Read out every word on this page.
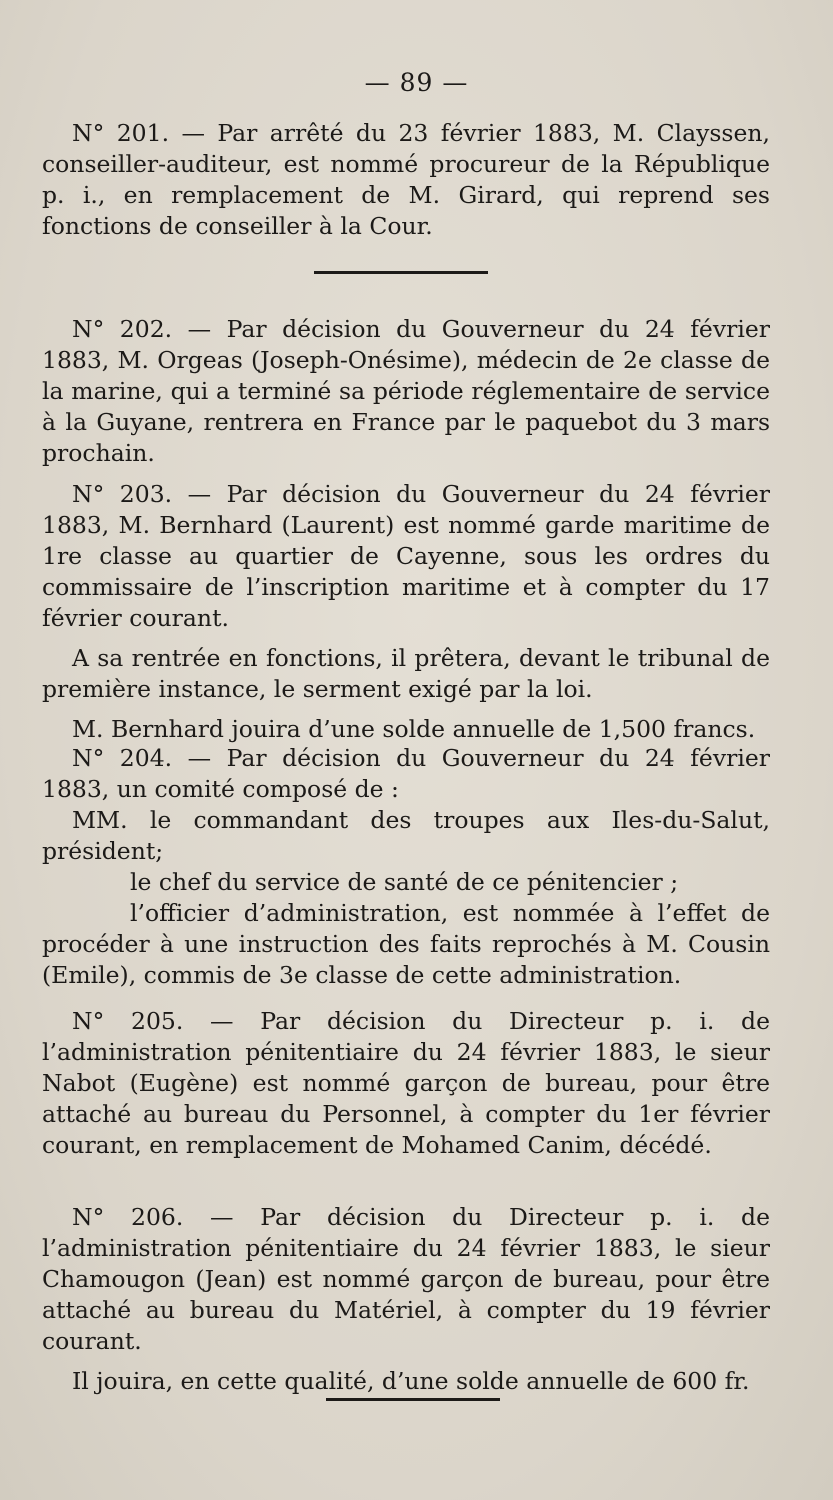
— 89 —

N° 201. — Par arrêté du 23 février 1883, M. Clayssen, conseiller-auditeur, est nommé procureur de la République p. i., en remplacement de M. Girard, qui reprend ses fonctions de conseiller à la Cour.

N° 202. — Par décision du Gouverneur du 24 février 1883, M. Orgeas (Joseph-Onésime), médecin de 2e classe de la marine, qui a terminé sa période réglementaire de service à la Guyane, rentrera en France par le paquebot du 3 mars prochain.

N° 203. — Par décision du Gouverneur du 24 février 1883, M. Bernhard (Laurent) est nommé garde maritime de 1re classe au quartier de Cayenne, sous les ordres du commissaire de l’inscription maritime et à compter du 17 février courant.

A sa rentrée en fonctions, il prêtera, devant le tribunal de première instance, le serment exigé par la loi.

M. Bernhard jouira d’une solde annuelle de 1,500 francs.

N° 204. — Par décision du Gouverneur du 24 février 1883, un comité composé de :

MM. le commandant des troupes aux Iles-du-Salut, président;

le chef du service de santé de ce pénitencier ;

l’officier d’administration, est nommée à l’effet de procéder à une instruction des faits reprochés à M. Cousin (Emile), commis de 3e classe de cette administration.

N° 205. — Par décision du Directeur p. i. de l’administration pénitentiaire du 24 février 1883, le sieur Nabot (Eugène) est nommé garçon de bureau, pour être attaché au bureau du Personnel, à compter du 1er février courant, en remplacement de Mohamed Canim, décédé.

N° 206. — Par décision du Directeur p. i. de l’administration pénitentiaire du 24 février 1883, le sieur Chamougon (Jean) est nommé garçon de bureau, pour être attaché au bureau du Matériel, à compter du 19 février courant.

Il jouira, en cette qualité, d’une solde annuelle de 600 fr.
